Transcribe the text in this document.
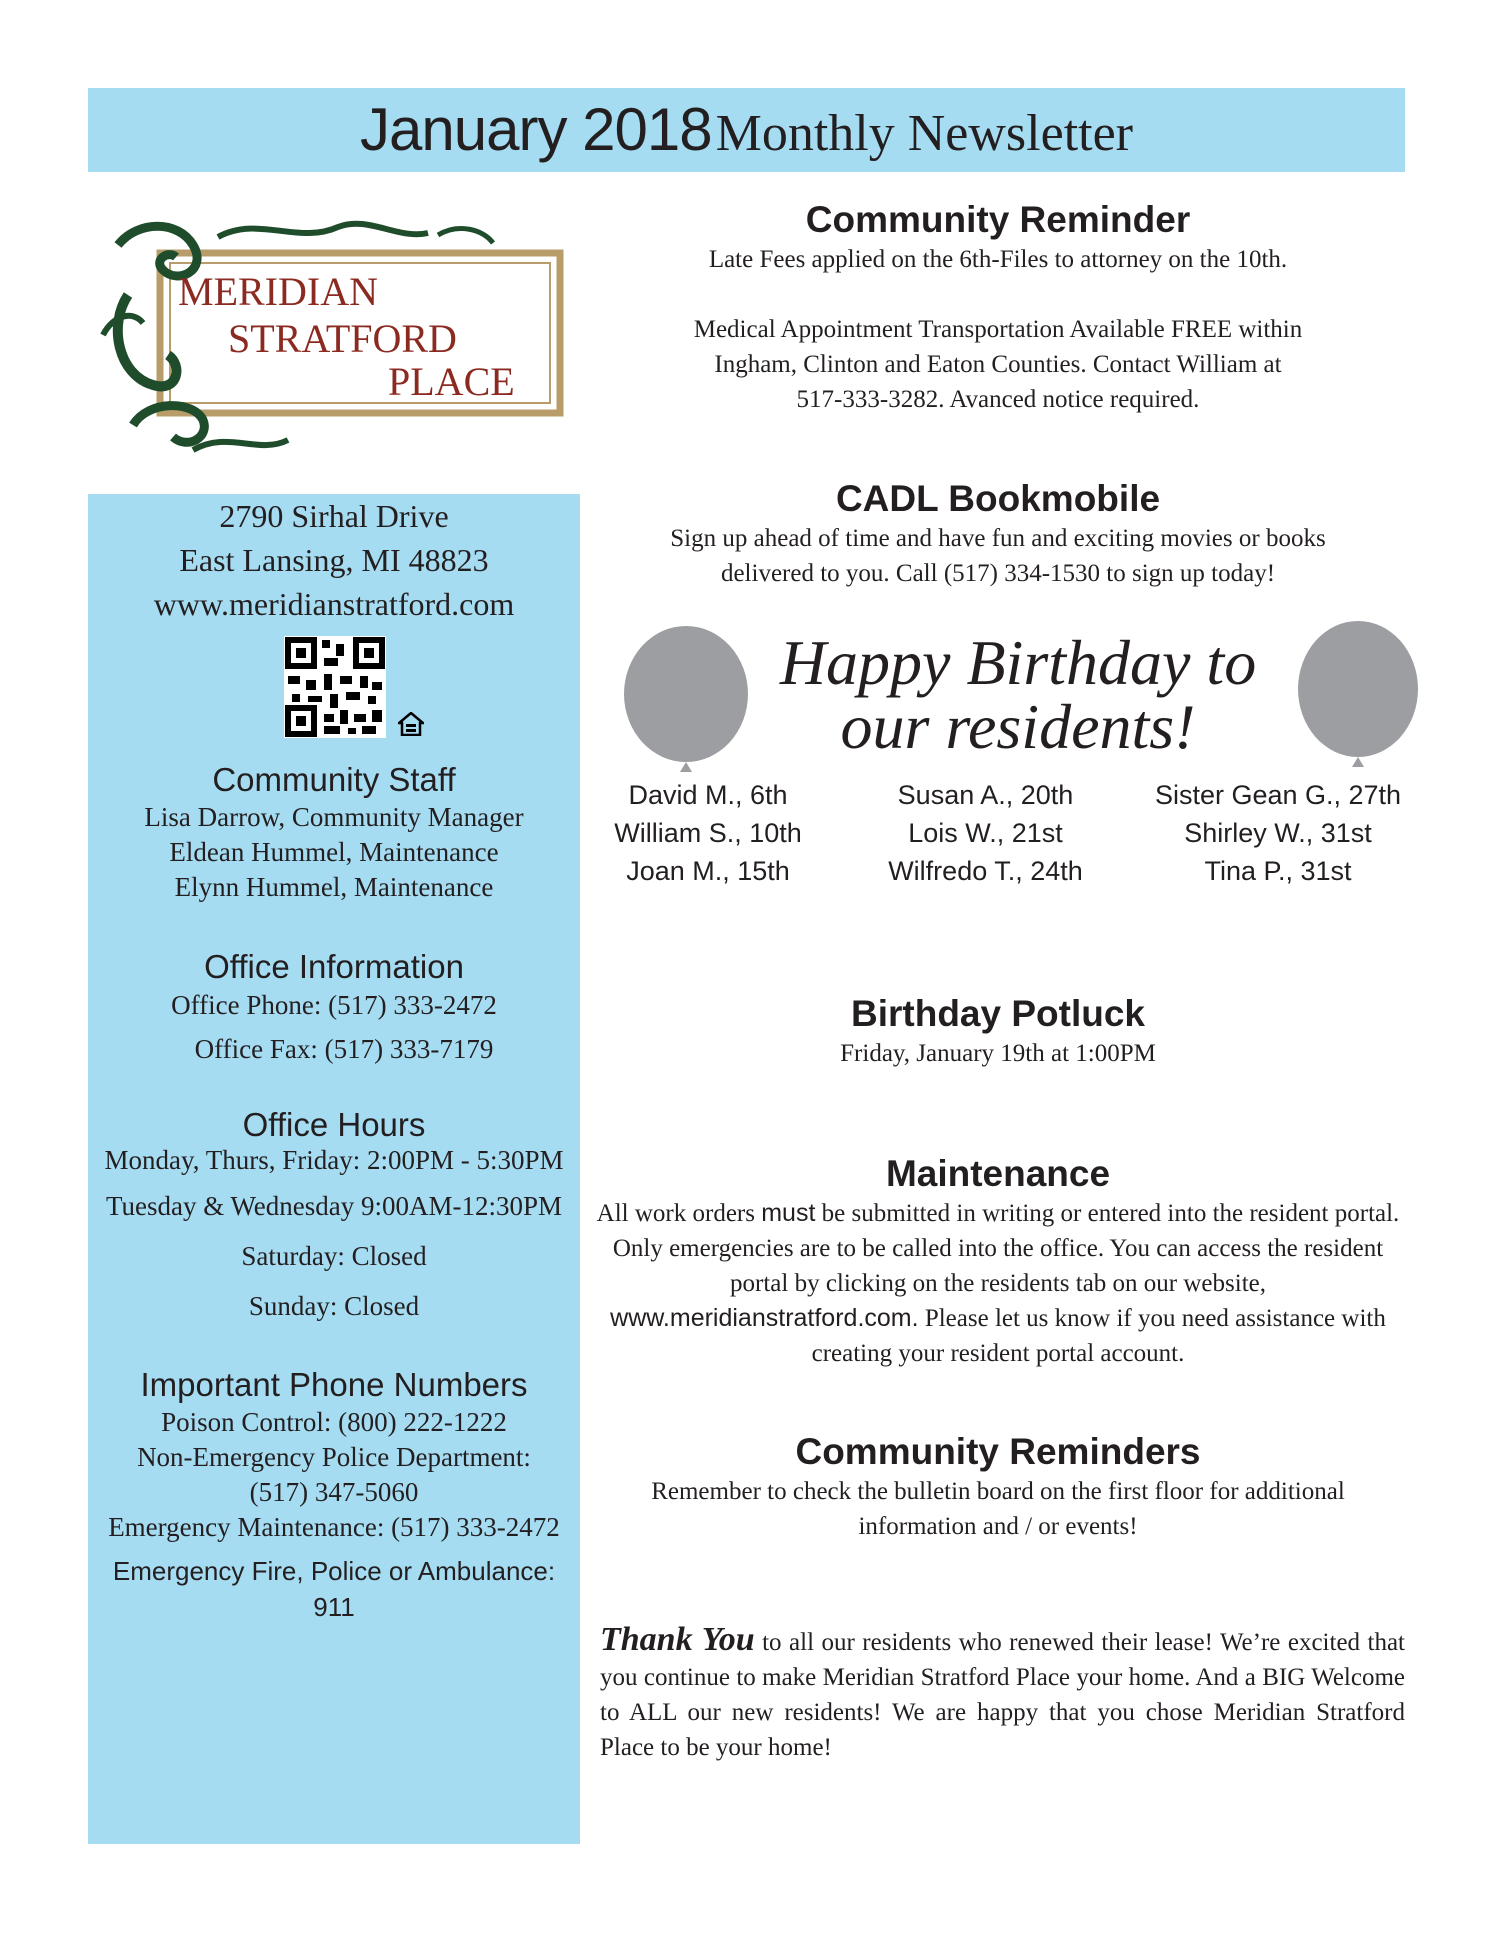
January 2018 Monthly Newsletter
MERIDIAN
STRATFORD
PLACE
2790 Sirhal Drive
East Lansing, MI 48823
www.meridianstratford.com
Community Staff
Lisa Darrow, Community Manager
Eldean Hummel, Maintenance
Elynn Hummel, Maintenance
Office Information
Office Phone: (517) 333-2472
Office Fax: (517) 333-7179
Office Hours
Monday, Thurs, Friday: 2:00PM - 5:30PM
Tuesday & Wednesday 9:00AM-12:30PM
Saturday: Closed
Sunday: Closed
Important Phone Numbers
Poison Control: (800) 222-1222
Non-Emergency Police Department:
(517) 347-5060
Emergency Maintenance: (517) 333-2472
Emergency Fire, Police or Ambulance:
911
Community Reminder

Late Fees applied on the 6th-Files to attorney on the 10th.

Medical Appointment Transportation Available FREE within
Ingham, Clinton and Eaton Counties. Contact William at
517-333-3282. Avanced notice required.
CADL Bookmobile
Sign up ahead of time and have fun and exciting movies or books
delivered to you. Call (517) 334-1530 to sign up today!
Happy Birthday to
our residents!
David M., 6th
William S., 10th
Joan M., 15th
Susan A., 20th
Lois W., 21st
Wilfredo T., 24th
Sister Gean G., 27th
Shirley W., 31st
Tina P., 31st
Birthday Potluck

Friday, January 19th at 1:00PM

Maintenance

All work orders must be submitted in writing or entered into the resident portal. Only emergencies are to be called into the office. You can access the resident portal by clicking on the residents tab on our website, www.meridianstratford.com. Please let us know if you need assistance with creating your resident portal account.

Community Reminders
Remember to check the bulletin board on the first floor for additional
information and / or events!

Thank You to all our residents who renewed their lease! We’re excited that you continue to make Meridian Stratford Place your home. And a BIG Welcome to ALL our new residents! We are happy that you chose Meridian Stratford Place to be your home!
